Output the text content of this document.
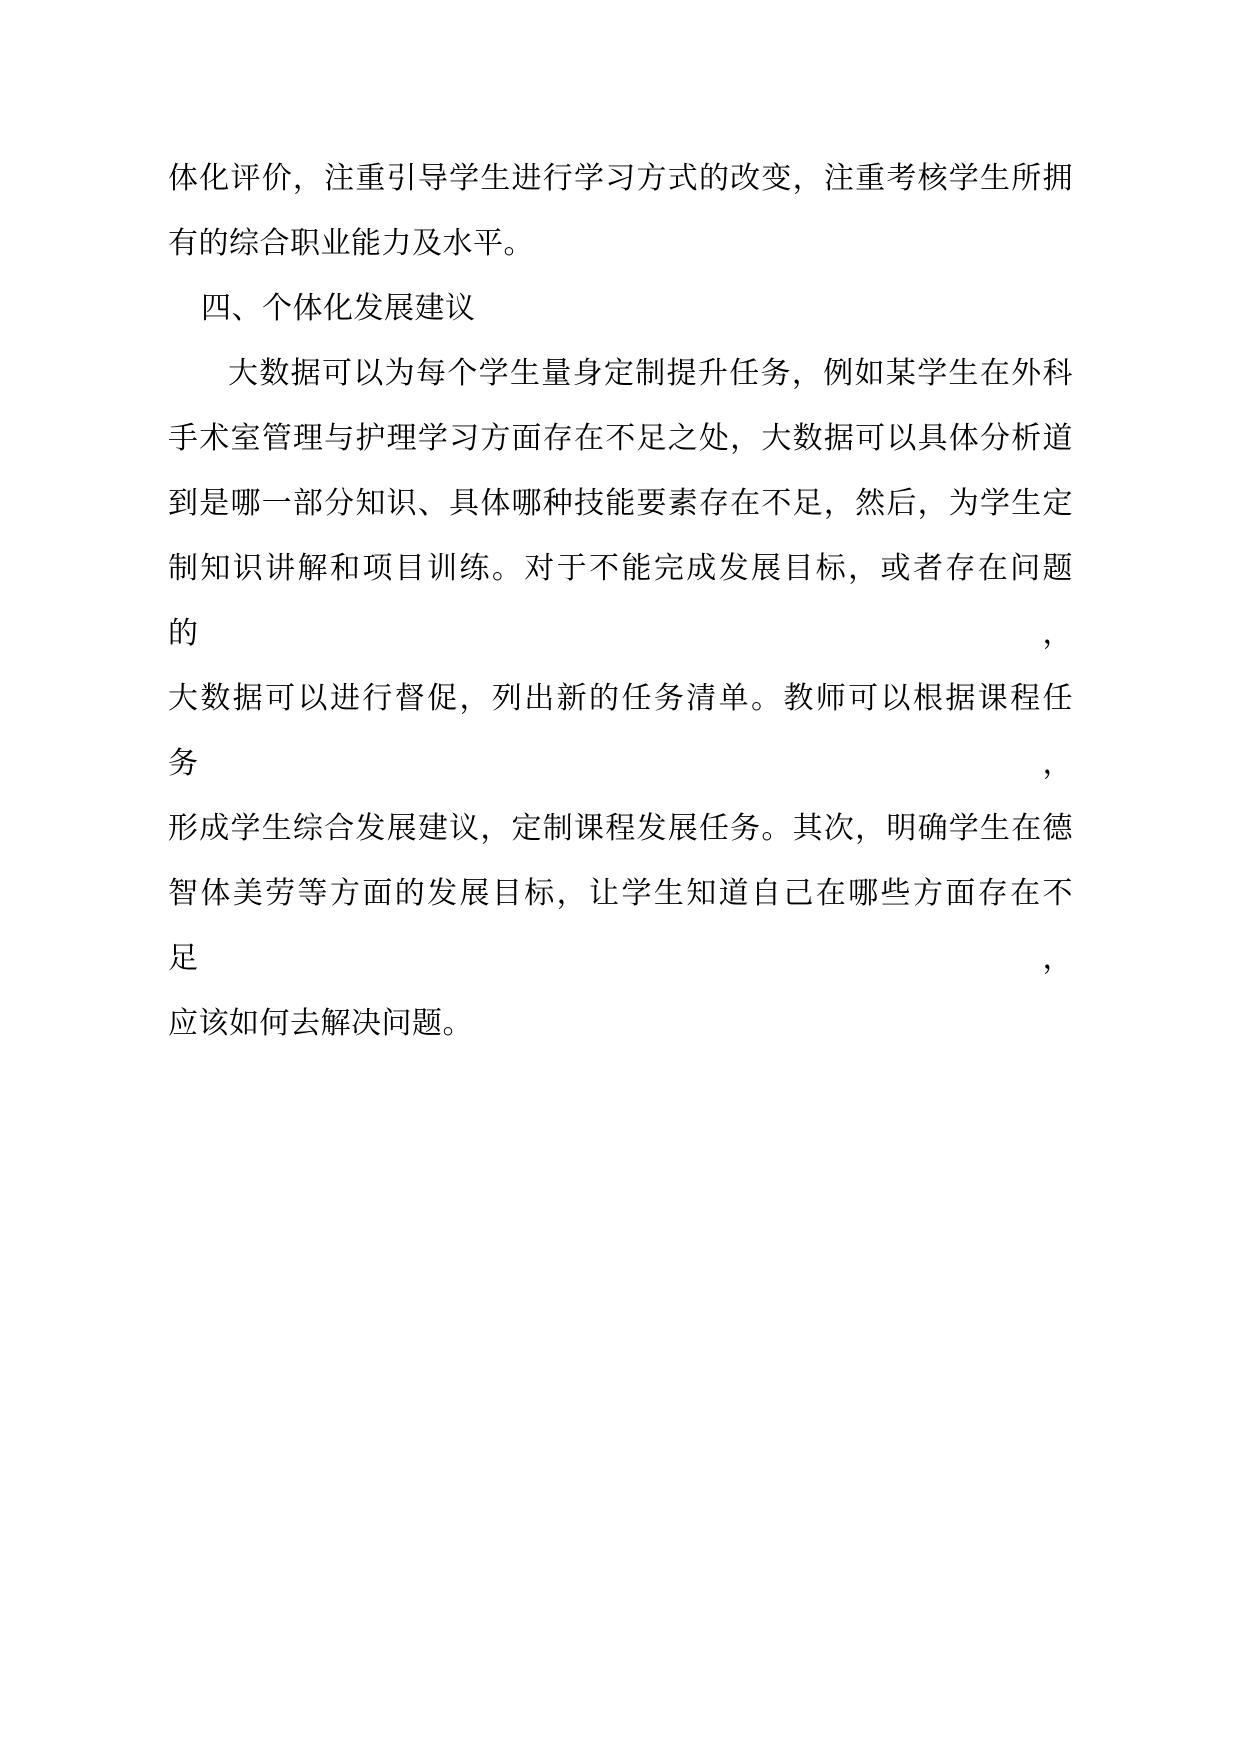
体化评价，注重引导学生进行学习方式的改变，注重考核学生所拥
有的综合职业能力及水平。
四、个体化发展建议
大数据可以为每个学生量身定制提升任务，例如某学生在外科
手术室管理与护理学习方面存在不足之处，大数据可以具体分析道
到是哪一部分知识、具体哪种技能要素存在不足，然后，为学生定
制知识讲解和项目训练。对于不能完成发展目标，或者存在问题的，
大数据可以进行督促，列出新的任务清单。教师可以根据课程任务，
形成学生综合发展建议，定制课程发展任务。其次，明确学生在德
智体美劳等方面的发展目标，让学生知道自己在哪些方面存在不足，
应该如何去解决问题。
